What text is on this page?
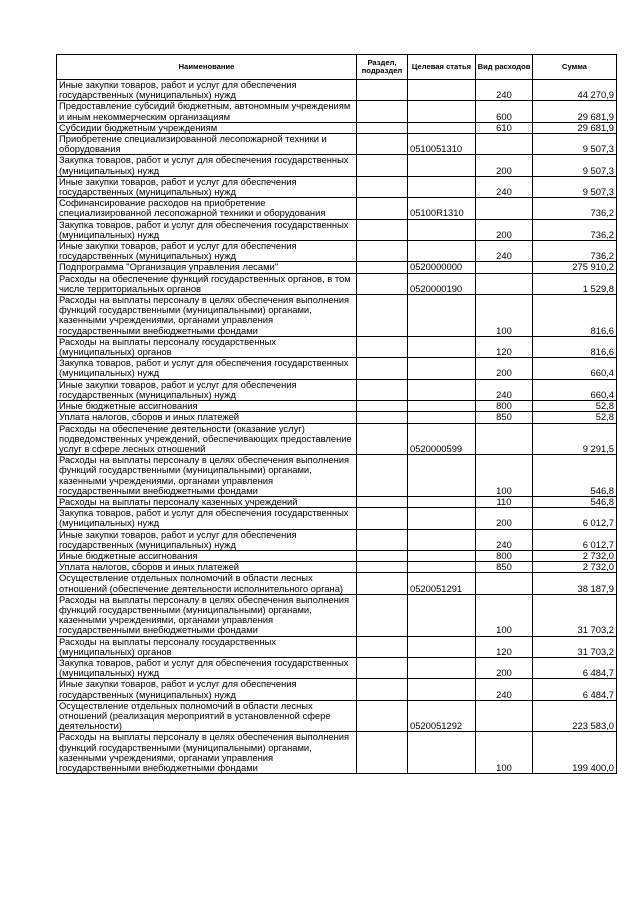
Наименование	Раздел, подраздел	Целевая статья	Вид расходов	Сумма
Иные закупки товаров, работ и услуг для обеспечения государственных (муниципальных) нужд			240	44 270,9
Предоставление субсидий бюджетным, автономным учреждениям и иным некоммерческим организациям			600	29 681,9
Субсидии бюджетным учреждениям			610	29 681,9
Приобретение специализированной лесопожарной техники и оборудования		0510051310		9 507,3
Закупка товаров, работ и услуг для обеспечения государственных (муниципальных) нужд			200	9 507,3
Иные закупки товаров, работ и услуг для обеспечения государственных (муниципальных) нужд			240	9 507,3
Софинансирование расходов на приобретение специализированной лесопожарной техники и оборудования		05100R1310		736,2
Закупка товаров, работ и услуг для обеспечения государственных (муниципальных) нужд			200	736,2
Иные закупки товаров, работ и услуг для обеспечения государственных (муниципальных) нужд			240	736,2
Подпрограмма "Организация управления лесами"		0520000000		275 910,2
Расходы на обеспечение функций государственных органов, в том числе территориальных органов		0520000190		1 529,8
Расходы на выплаты персоналу в целях обеспечения выполнения функций государственными (муниципальными) органами, казенными учреждениями, органами управления государственными внебюджетными фондами			100	816,6
Расходы на выплаты персоналу государственных (муниципальных) органов			120	816,6
Закупка товаров, работ и услуг для обеспечения государственных (муниципальных) нужд			200	660,4
Иные закупки товаров, работ и услуг для обеспечения государственных (муниципальных) нужд			240	660,4
Иные бюджетные ассигнования			800	52,8
Уплата налогов, сборов и иных платежей			850	52,8
Расходы на обеспечение деятельности (оказание услуг) подведомственных учреждений, обеспечивающих предоставление услуг в сфере лесных отношений		0520000599		9 291,5
Расходы на выплаты персоналу в целях обеспечения выполнения функций государственными (муниципальными) органами, казенными учреждениями, органами управления государственными внебюджетными фондами			100	546,8
Расходы на выплаты персоналу казенных учреждений			110	546,8
Закупка товаров, работ и услуг для обеспечения государственных (муниципальных) нужд			200	6 012,7
Иные закупки товаров, работ и услуг для обеспечения государственных (муниципальных) нужд			240	6 012,7
Иные бюджетные ассигнования			800	2 732,0
Уплата налогов, сборов и иных платежей			850	2 732,0
Осуществление отдельных полномочий в области лесных отношений (обеспечение деятельности исполнительного органа)		0520051291		38 187,9
Расходы на выплаты персоналу в целях обеспечения выполнения функций государственными (муниципальными) органами, казенными учреждениями, органами управления государственными внебюджетными фондами			100	31 703,2
Расходы на выплаты персоналу государственных (муниципальных) органов			120	31 703,2
Закупка товаров, работ и услуг для обеспечения государственных (муниципальных) нужд			200	6 484,7
Иные закупки товаров, работ и услуг для обеспечения государственных (муниципальных) нужд			240	6 484,7
Осуществление отдельных полномочий в области лесных отношений (реализация мероприятий в установленной сфере деятельности)		0520051292		223 583,0
Расходы на выплаты персоналу в целях обеспечения выполнения функций государственными (муниципальными) органами, казенными учреждениями, органами управления государственными внебюджетными фондами			100	199 400,0
